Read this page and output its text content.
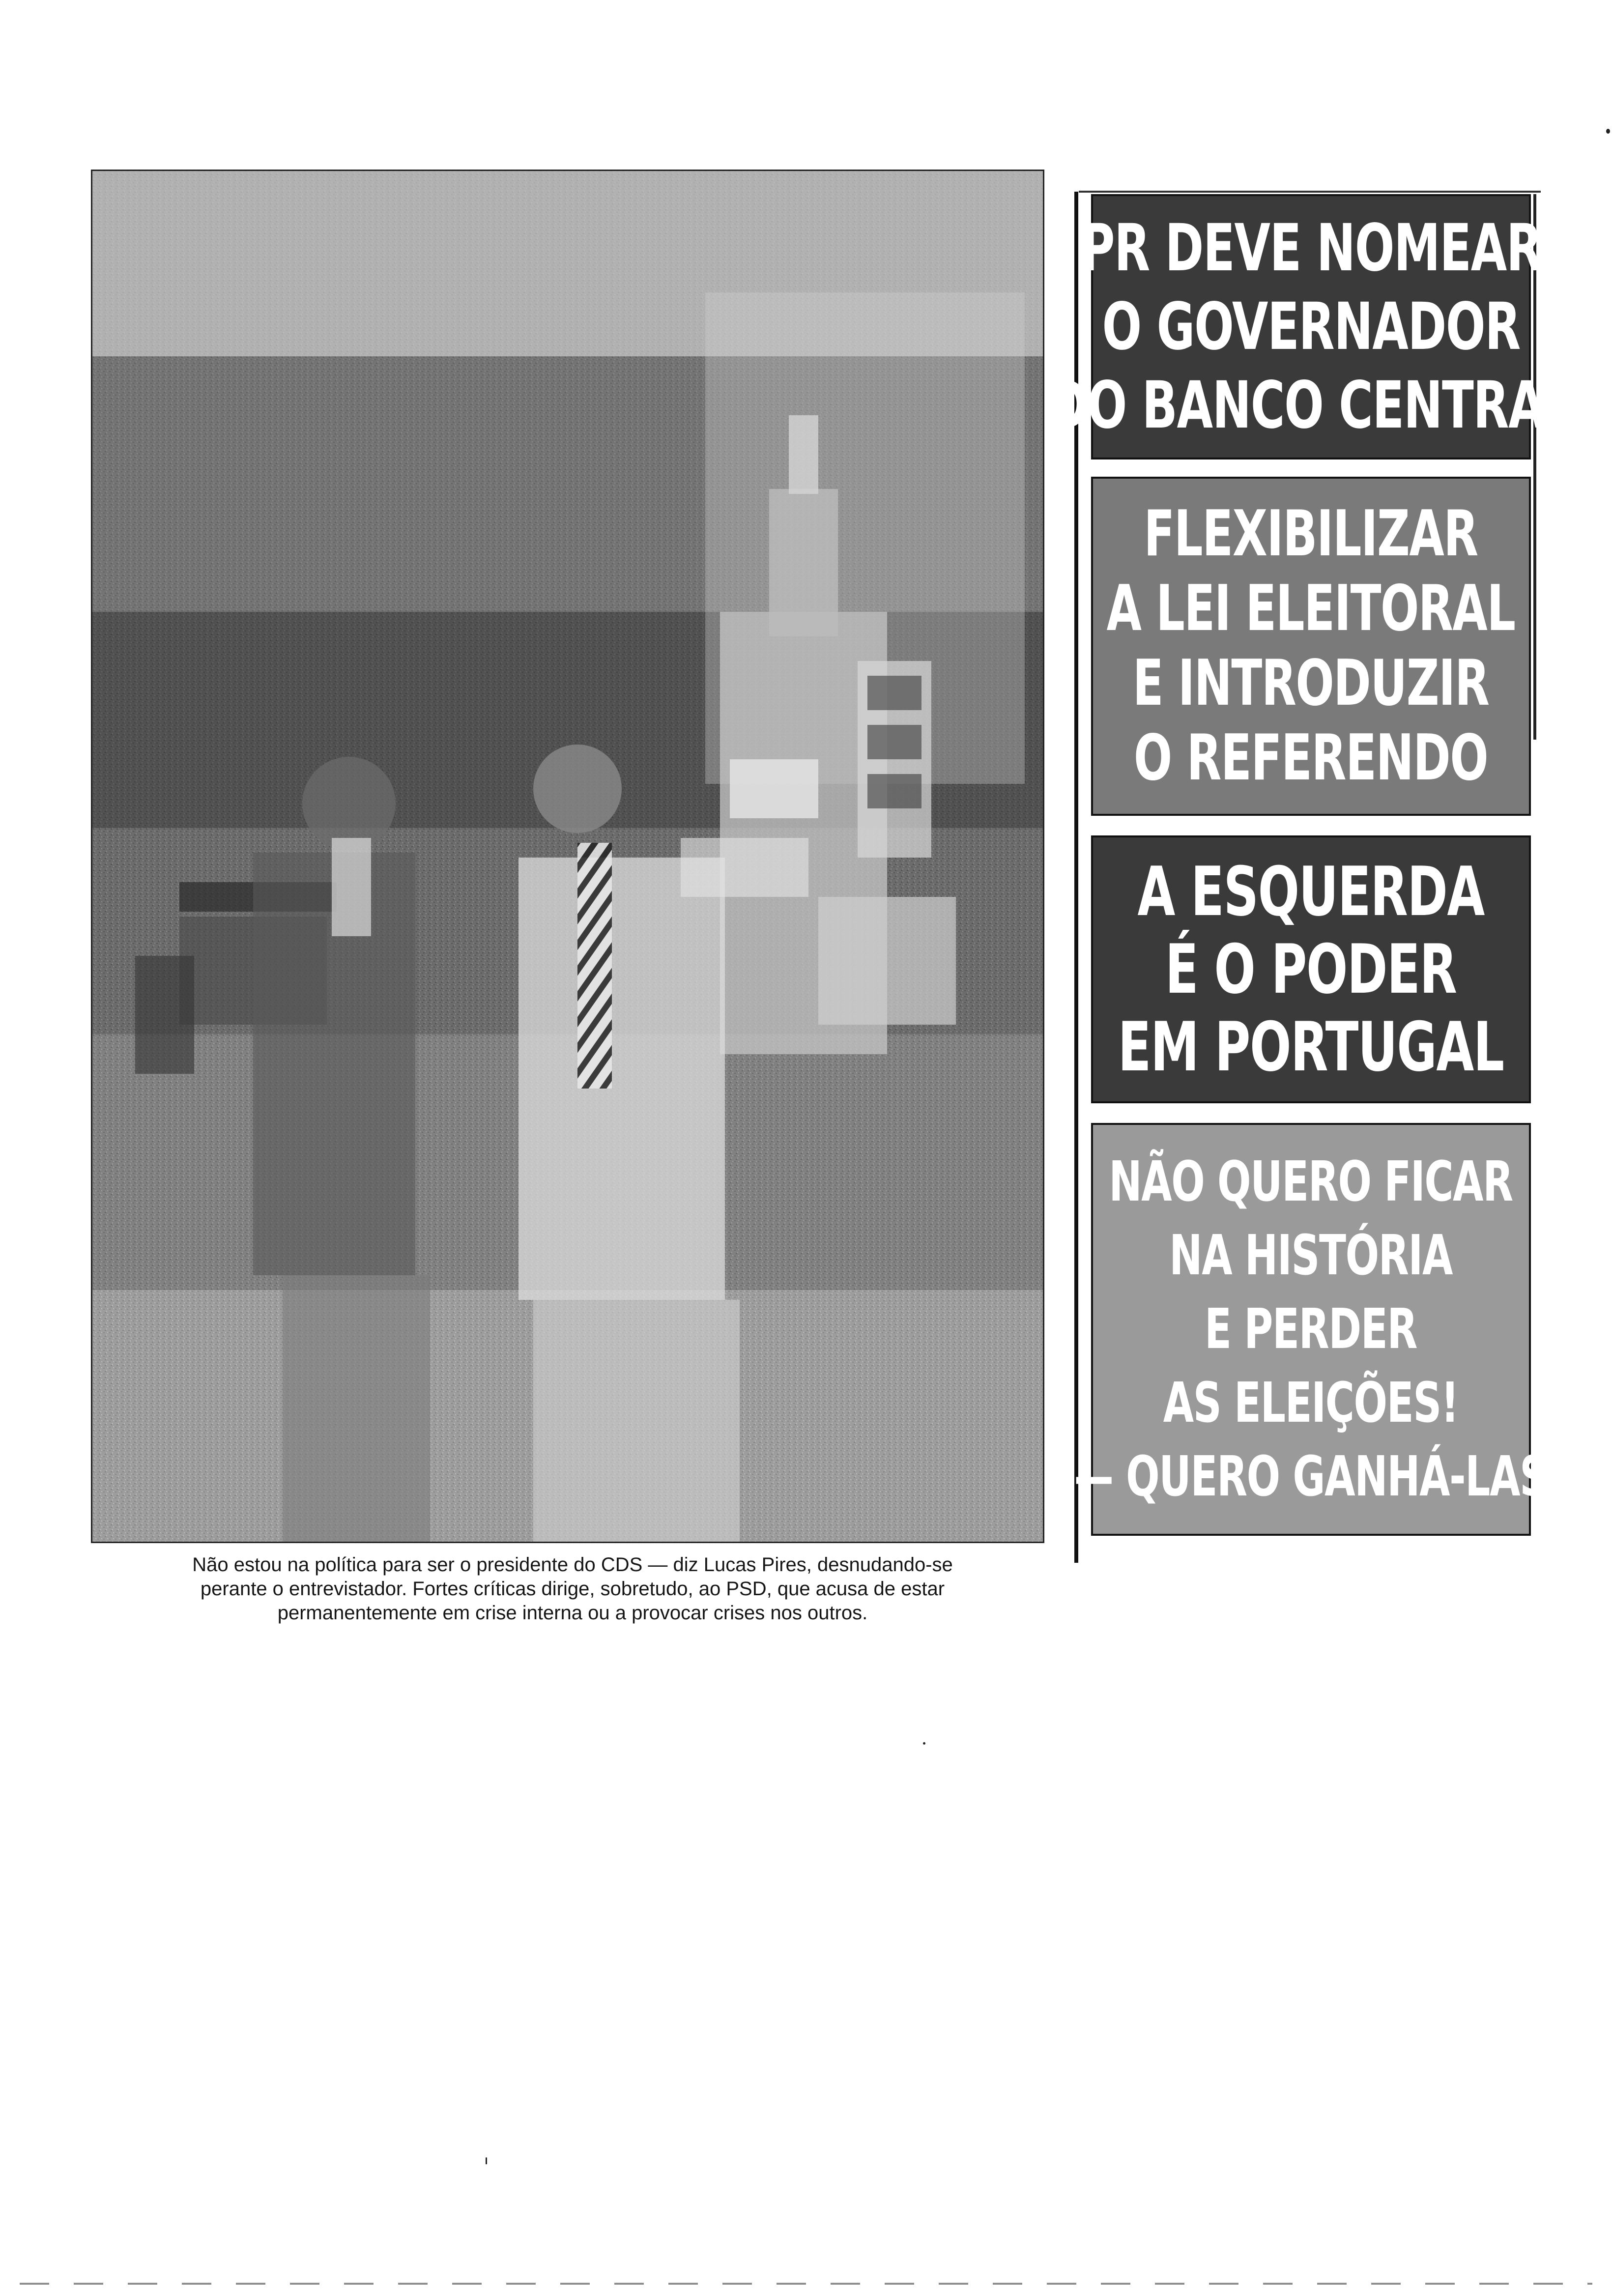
Não estou na política para ser o presidente do CDS — diz Lucas Pires, desnudando-se
perante o entrevistador. Fortes críticas dirige, sobretudo, ao PSD, que acusa de estar
permanentemente em crise interna ou a provocar crises nos outros.

PR DEVE NOMEAR
O GOVERNADOR
DO BANCO CENTRAL
FLEXIBILIZAR
A LEI ELEITORAL
E INTRODUZIR
O REFERENDO
A ESQUERDA
É O PODER
EM PORTUGAL
NÃO QUERO FICAR
NA HISTÓRIA
E PERDER
AS ELEIÇÕES!
— QUERO GANHÁ-LAS
